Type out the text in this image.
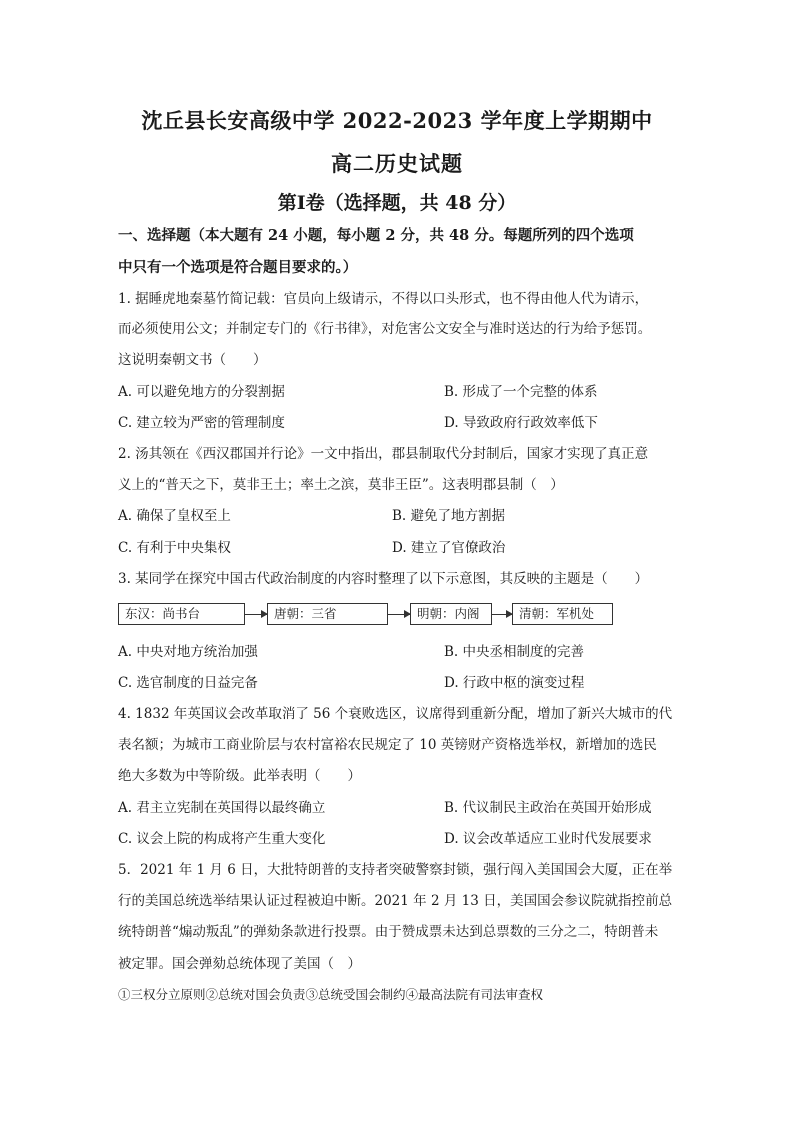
沈丘县长安高级中学 2022-2023 学年度上学期期中
高二历史试题
第Ⅰ卷（选择题，共 48 分）
一、选择题（本大题有 24 小题，每小题 2 分，共 48 分。每题所列的四个选项
中只有一个选项是符合题目要求的。）
1. 据睡虎地秦墓竹简记载：官员向上级请示，不得以口头形式，也不得由他人代为请示，
而必须使用公文；并制定专门的《行书律》，对危害公文安全与准时送达的行为给予惩罚。
这说明秦朝文书（　　）
A. 可以避免地方的分裂割据	B. 形成了一个完整的体系
C. 建立较为严密的管理制度	D. 导致政府行政效率低下
2. 汤其领在《西汉郡国并行论》一文中指出，郡县制取代分封制后，国家才实现了真正意
义上的“普天之下，莫非王土；率土之滨，莫非王臣”。这表明郡县制（　）
A. 确保了皇权至上	B. 避免了地方割据
C. 有利于中央集权	D. 建立了官僚政治
3. 某同学在探究中国古代政治制度的内容时整理了以下示意图，其反映的主题是（　　）
东汉：尚书台	唐朝：三省	明朝：内阁	清朝：军机处
A. 中央对地方统治加强	B. 中央丞相制度的完善
C. 选官制度的日益完备	D. 行政中枢的演变过程
4. 1832 年英国议会改革取消了 56 个衰败选区，议席得到重新分配，增加了新兴大城市的代
表名额；为城市工商业阶层与农村富裕农民规定了 10 英镑财产资格选举权，新增加的选民
绝大多数为中等阶级。此举表明（　　）
A. 君主立宪制在英国得以最终确立	B. 代议制民主政治在英国开始形成
C. 议会上院的构成将产生重大变化	D. 议会改革适应工业时代发展要求
5．2021 年 1 月 6 日，大批特朗普的支持者突破警察封锁，强行闯入美国国会大厦，正在举
行的美国总统选举结果认证过程被迫中断。2021 年 2 月 13 日，美国国会参议院就指控前总
统特朗普“煽动叛乱”的弹劾条款进行投票。由于赞成票未达到总票数的三分之二，特朗普未
被定罪。国会弹劾总统体现了美国（　）
①三权分立原则②总统对国会负责③总统受国会制约④最高法院有司法审查权
